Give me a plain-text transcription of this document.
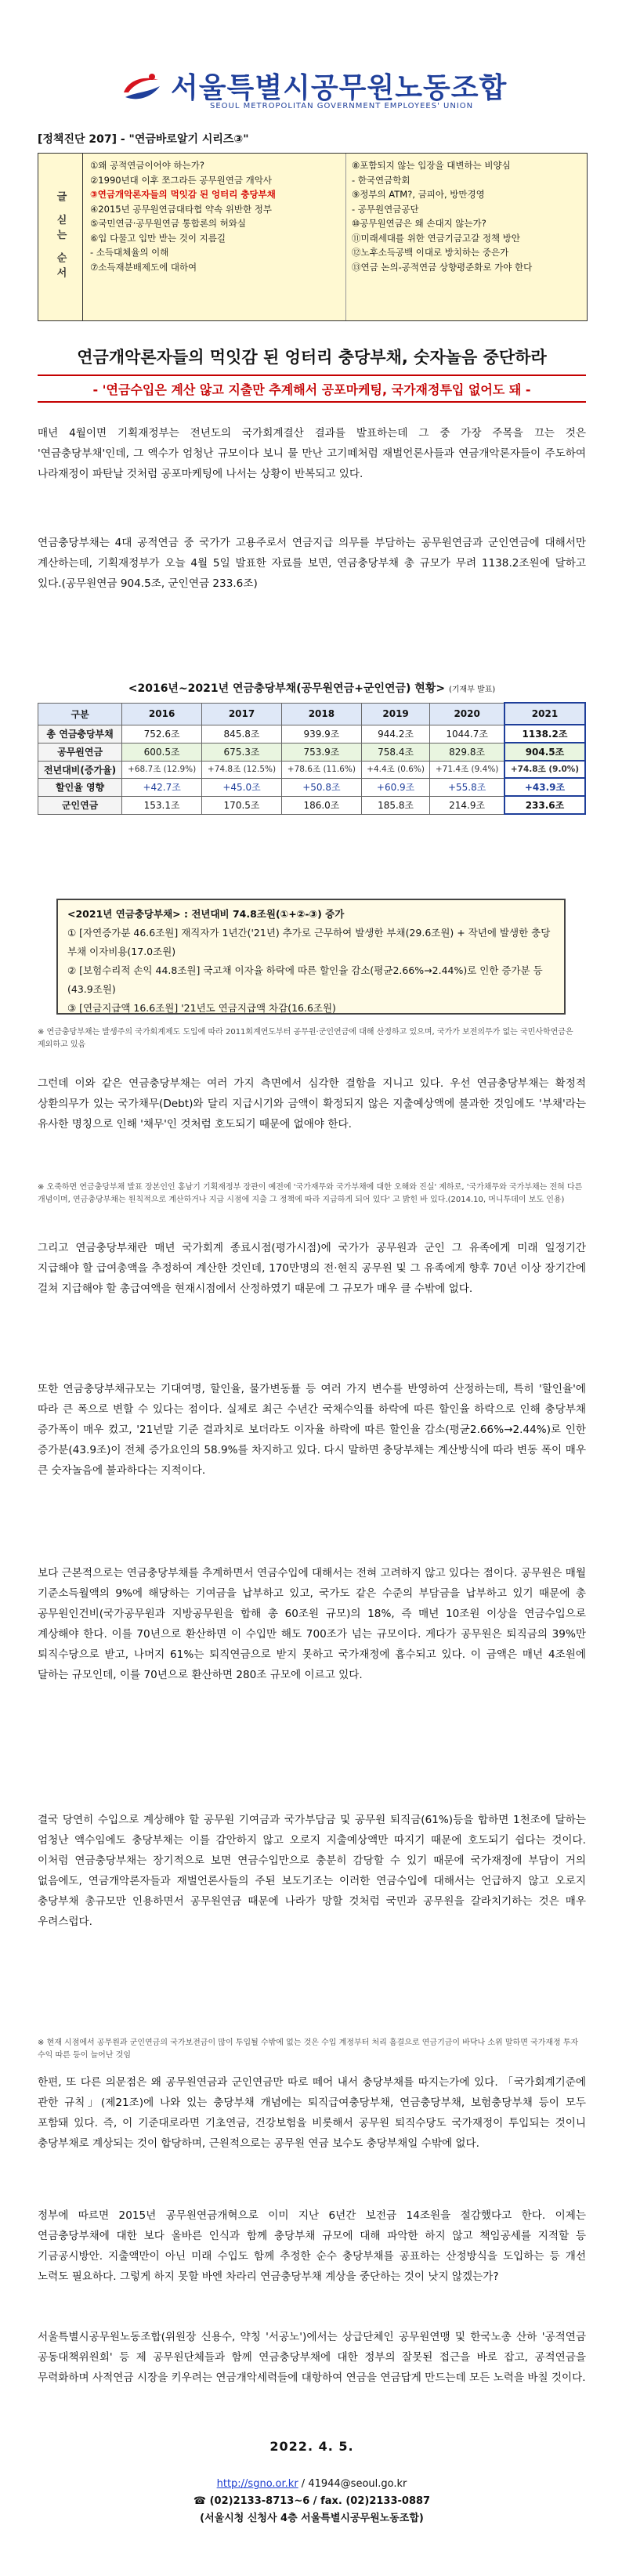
서울특별시공무원노동조합
SEOUL METROPOLITAN GOVERNMENT EMPLOYEES' UNION
[정책진단 207] - "연금바로알기 시리즈③"
글 싣는 순서
①왜 공적연금이어야 하는가?
②1990년대 이후 쪼그라든 공무원연금 개악사
③연금개악론자들의 먹잇감 된 엉터리 충당부채
④2015년 공무원연금대타협 약속 위반한 정부
⑤국민연금·공무원연금 통합론의 허와실
⑥입 다물고 입만 받는 것이 지름길
- 소득대체율의 이해
⑦소득재분배제도에 대하여
⑧포함되지 않는 입장을 대변하는 비양심
- 한국연금학회
⑨정부의 ATM?, 금피아, 방만경영
- 공무원연금공단
⑩공무원연금은 왜 손대지 않는가?
⑪미래세대를 위한 연금기금고갈 정책 방안
⑫노후소득공백 이대로 방치하는 중은가
⑬연금 논의-공적연금 상향평준화로 가야 한다
연금개악론자들의 먹잇감 된 엉터리 충당부채, 숫자놀음 중단하라
- '연금수입은 계산 않고 지출만 추계해서 공포마케팅, 국가재정투입 없어도 돼 -
매년 4월이면 기획재정부는 전년도의 국가회계결산 결과를 발표하는데 그 중 가장 주목을 끄는 것은 '연금충당부채'인데, 그 액수가 엄청난 규모이다 보니 물 만난 고기떼처럼 재벌언론사들과 연금개악론자들이 주도하여 나라재정이 파탄날 것처럼 공포마케팅에 나서는 상황이 반복되고 있다.
연금충당부채는 4대 공적연금 중 국가가 고용주로서 연금지급 의무를 부담하는 공무원연금과 군인연금에 대해서만 계산하는데, 기획재정부가 오늘 4월 5일 발표한 자료를 보면, 연금충당부채 총 규모가 무려 1138.2조원에 달하고 있다.(공무원연금 904.5조, 군인연금 233.6조)
<2016년~2021년 연금충당부채(공무원연금+군인연금) 현황> (기재부 발표)
구분	2016	2017	2018	2019	2020	2021
총 연금충당부채	752.6조	845.8조	939.9조	944.2조	1044.7조	1138.2조
공무원연금	600.5조	675.3조	753.9조	758.4조	829.8조	904.5조
전년대비(증가율)	+68.7조 (12.9%)	+74.8조 (12.5%)	+78.6조 (11.6%)	+4.4조 (0.6%)	+71.4조 (9.4%)	+74.8조 (9.0%)
할인율 영향	+42.7조	+45.0조	+50.8조	+60.9조	+55.8조	+43.9조
군인연금	153.1조	170.5조	186.0조	185.8조	214.9조	233.6조
<2021년 연금충당부채> : 전년대비 74.8조원(①+②-③) 증가
① [자연증가분 46.6조원] 재직자가 1년간('21년) 추가로 근무하여 발생한 부채(29.6조원) + 작년에 발생한 충당부채 이자비용(17.0조원)
② [보험수리적 손익 44.8조원] 국고채 이자율 하락에 따른 할인율 감소(평균2.66%→2.44%)로 인한 증가분 등(43.9조원)
③ [연금지급액 16.6조원] '21년도 연금지급액 차감(16.6조원)
※ 연금충당부채는 발생주의 국가회계제도 도입에 따라 2011회계연도부터 공무원·군인연금에 대해 산정하고 있으며, 국가가 보전의무가 없는 국민사학연금은 제외하고 있음
그런데 이와 같은 연금충당부채는 여러 가지 측면에서 심각한 결함을 지니고 있다. 우선 연금충당부채는 확정적 상환의무가 있는 국가채무(Debt)와 달리 지급시기와 금액이 확정되지 않은 지출예상액에 불과한 것임에도 '부채'라는 유사한 명칭으로 인해 '채무'인 것처럼 호도되기 때문에 없애야 한다.
※ 오죽하면 연금충당부채 발표 장본인인 홍남기 기획재정부 장관이 예전에 '국가재무와 국가부채에 대한 오해와 진실' 제하로, '국가채무와 국가부채는 전혀 다른 개념이며, 연금충당부채는 원칙적으로 계산하거나 지급 시점에 지출 그 정책에 따라 지급하게 되어 있다' 고 밝힌 바 있다.(2014.10, 머니투데이 보도 인용)
그리고 연금충당부채란 매년 국가회계 종료시점(평가시점)에 국가가 공무원과 군인 그 유족에게 미래 일정기간 지급해야 할 급여총액을 추정하여 계산한 것인데, 170만명의 전·현직 공무원 및 그 유족에게 향후 70년 이상 장기간에 걸쳐 지급해야 할 총급여액을 현재시점에서 산정하였기 때문에 그 규모가 매우 클 수밖에 없다.
또한 연금충당부채규모는 기대여명, 할인율, 물가변동률 등 여러 가지 변수를 반영하여 산정하는데, 특히 '할인율'에 따라 큰 폭으로 변할 수 있다는 점이다. 실제로 최근 수년간 국채수익률 하락에 따른 할인율 하락으로 인해 충당부채 증가폭이 매우 컸고, '21년말 기준 결과치로 보더라도 이자율 하락에 따른 할인율 감소(평균2.66%→2.44%)로 인한 증가분(43.9조)이 전체 증가요인의 58.9%를 차지하고 있다. 다시 말하면 충당부채는 계산방식에 따라 변동 폭이 매우 큰 숫자놀음에 불과하다는 지적이다.
보다 근본적으로는 연금충당부채를 추계하면서 연금수입에 대해서는 전혀 고려하지 않고 있다는 점이다. 공무원은 매월 기준소득월액의 9%에 해당하는 기여금을 납부하고 있고, 국가도 같은 수준의 부담금을 납부하고 있기 때문에 총 공무원인건비(국가공무원과 지방공무원을 합해 총 60조원 규모)의 18%, 즉 매년 10조원 이상을 연금수입으로 계상해야 한다. 이를 70년으로 환산하면 이 수입만 해도 700조가 넘는 규모이다. 게다가 공무원은 퇴직금의 39%만 퇴직수당으로 받고, 나머지 61%는 퇴직연금으로 받지 못하고 국가재정에 흡수되고 있다. 이 금액은 매년 4조원에 달하는 규모인데, 이를 70년으로 환산하면 280조 규모에 이르고 있다.
결국 당연히 수입으로 계상해야 할 공무원 기여금과 국가부담금 및 공무원 퇴직금(61%)등을 합하면 1천조에 달하는 엄청난 액수임에도 충당부채는 이를 감안하지 않고 오로지 지출예상액만 따지기 때문에 호도되기 쉽다는 것이다. 이처럼 연금충당부채는 장기적으로 보면 연금수입만으로 충분히 감당할 수 있기 때문에 국가재정에 부담이 거의 없음에도, 연금개악론자들과 재벌언론사들의 주된 보도기조는 이러한 연금수입에 대해서는 언급하지 않고 오로지 충당부채 총규모만 인용하면서 공무원연금 때문에 나라가 망할 것처럼 국민과 공무원을 갈라치기하는 것은 매우 우려스럽다.
※ 현재 시점에서 공무원과 군인연금의 국가보전금이 많이 투입될 수밖에 없는 것은 수입 계정부터 처리 흠결으로 연금기금이 바닥나 소위 말하면 국가재정 투자 수익 따른 등이 늘어난 것임
한편, 또 다른 의문점은 왜 공무원연금과 군인연금만 따로 떼어 내서 충당부채를 따지는가에 있다. 「국가회계기준에 관한 규칙」(제21조)에 나와 있는 충당부채 개념에는 퇴직급여충당부채, 연금충당부채, 보험충당부채 등이 모두 포함돼 있다. 즉, 이 기준대로라면 기초연금, 건강보험을 비롯해서 공무원 퇴직수당도 국가재정이 투입되는 것이니 충당부채로 계상되는 것이 합당하며, 근원적으로는 공무원 연금 보수도 충당부채일 수밖에 없다.
정부에 따르면 2015년 공무원연금개혁으로 이미 지난 6년간 보전금 14조원을 절감했다고 한다. 이제는 연금충당부채에 대한 보다 올바른 인식과 함께 충당부채 규모에 대해 파악한 하지 않고 책임공세를 지적할 등 기금공시방안. 지출액만이 아닌 미래 수입도 함께 추정한 순수 충당부채를 공표하는 산정방식을 도입하는 등 개선 노력도 필요하다. 그렇게 하지 못할 바엔 차라리 연금충당부채 계상을 중단하는 것이 낫지 않겠는가?
서울특별시공무원노동조합(위원장 신용수, 약칭 '서공노')에서는 상급단체인 공무원연맹 및 한국노총 산하 '공적연금 공동대책위원회' 등 제 공무원단체들과 함께 연금충당부채에 대한 정부의 잘못된 접근을 바로 잡고, 공적연금을 무력화하며 사적연금 시장을 키우려는 연금개악세력들에 대항하여 연금을 연금답게 만드는데 모든 노력을 바칠 것이다.
2022. 4. 5.
http://sgno.or.kr / 41944@seoul.go.kr
☎ (02)2133-8713~6 / fax. (02)2133-0887
(서울시청 신청사 4층 서울특별시공무원노동조합)
